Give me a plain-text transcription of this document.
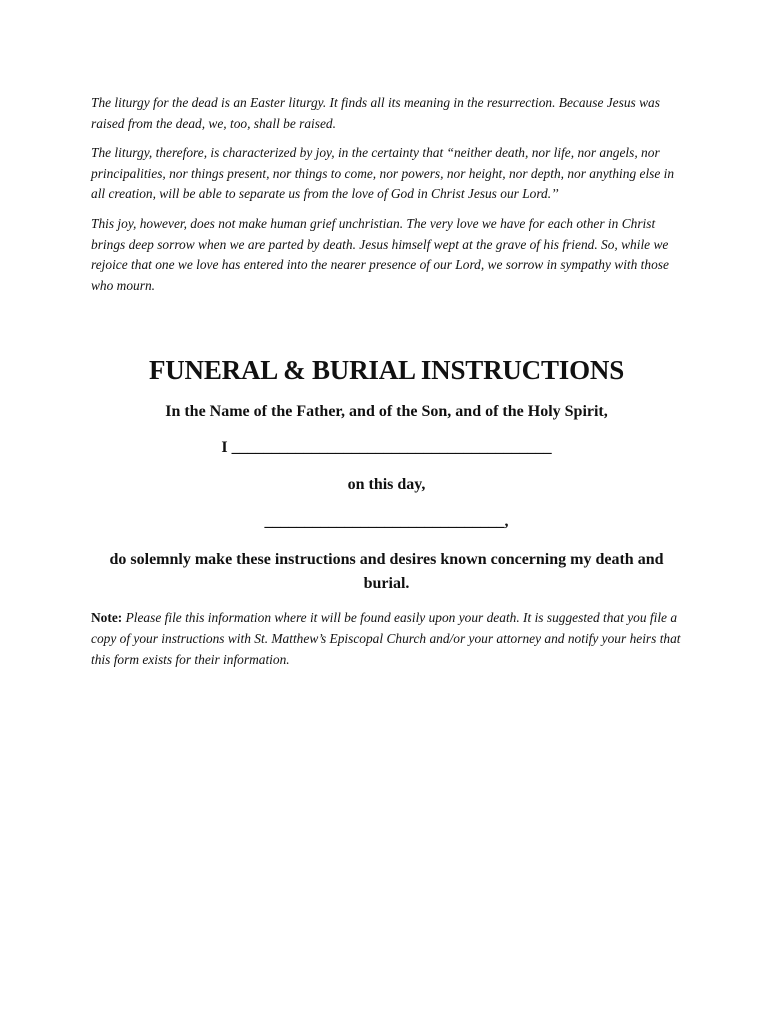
The liturgy for the dead is an Easter liturgy. It finds all its meaning in the resurrection. Because Jesus was raised from the dead, we, too, shall be raised.

The liturgy, therefore, is characterized by joy, in the certainty that “neither death, nor life, nor angels, nor principalities, nor things present, nor things to come, nor powers, nor height, nor depth, nor anything else in all creation, will be able to separate us from the love of God in Christ Jesus our Lord.’’

This joy, however, does not make human grief unchristian. The very love we have for each other in Christ brings deep sorrow when we are parted by death. Jesus himself wept at the grave of his friend. So, while we rejoice that one we love has entered into the nearer presence of our Lord, we sorrow in sympathy with those who mourn.

FUNERAL & BURIAL INSTRUCTIONS

In the Name of the Father, and of the Son, and of the Holy Spirit,

I ________________________________________

on this day,

______________________________,

do solemnly make these instructions and desires known concerning my death and burial.

Note: Please file this information where it will be found easily upon your death. It is suggested that you file a copy of your instructions with St. Matthew’s Episcopal Church and/or your attorney and notify your heirs that this form exists for their information.
